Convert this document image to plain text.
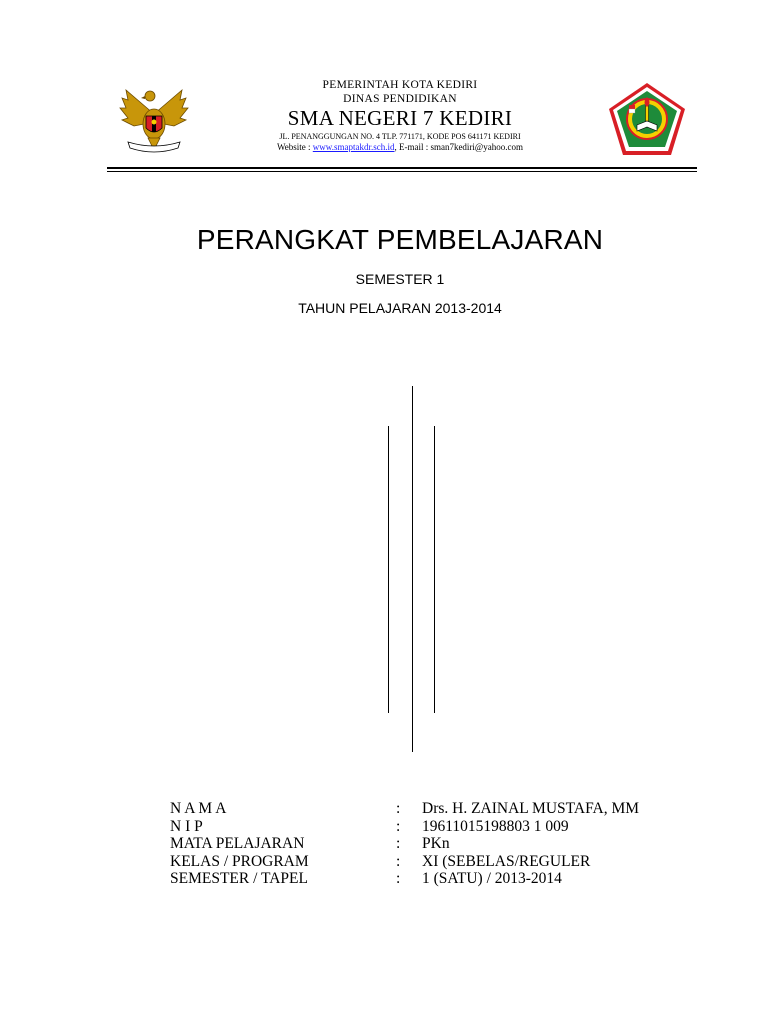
PEMERINTAH KOTA KEDIRI
DINAS PENDIDIKAN
SMA NEGERI 7 KEDIRI
JL. PENANGGUNGAN NO. 4 TLP. 771171, KODE POS 641171 KEDIRI
Website : www.smaptakdr.sch.id, E-mail : sman7kediri@yahoo.com
PERANGKAT PEMBELAJARAN
SEMESTER 1
TAHUN PELAJARAN 2013-2014
N A M A	:	Drs. H. ZAINAL MUSTAFA, MM
N I P	:	19611015198803 1 009
MATA PELAJARAN	:	PKn
KELAS / PROGRAM	:	XI (SEBELAS/REGULER
SEMESTER / TAPEL	:	1 (SATU) / 2013-2014
